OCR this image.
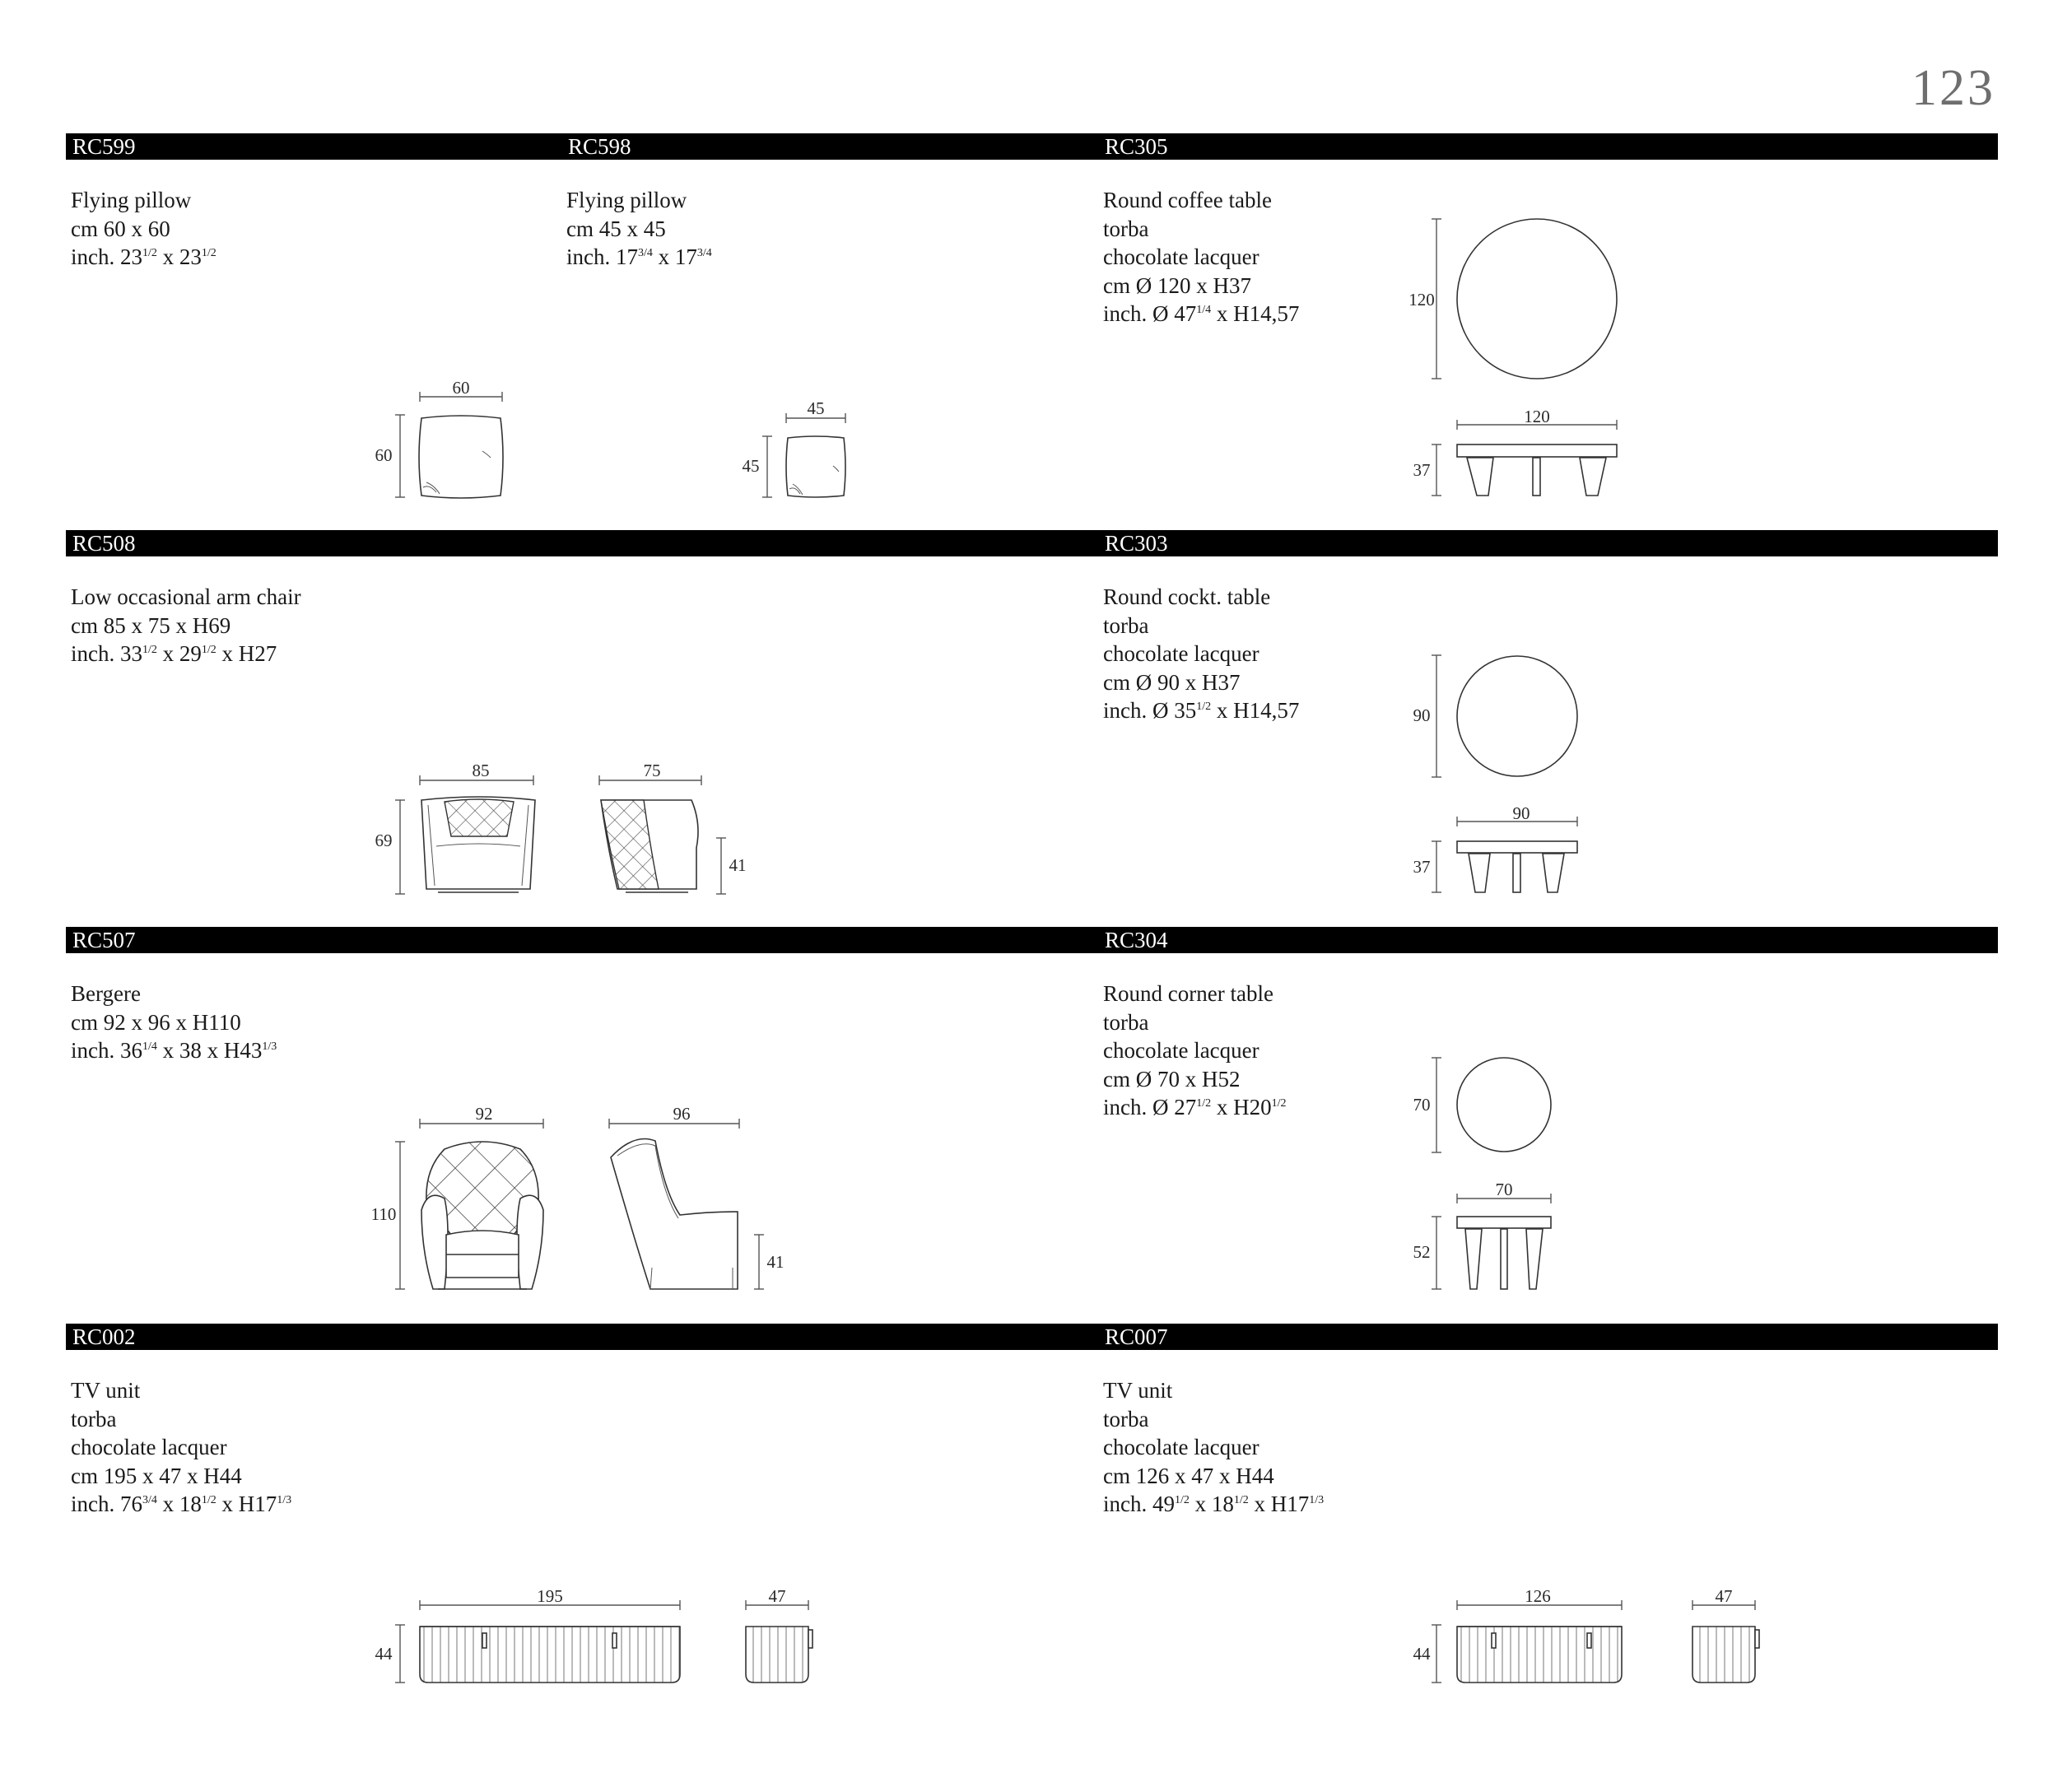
123
RC599	RC598	RC305
RC508	RC303
RC507	RC304
RC002	RC007
Flying pillow
cm 60 x 60
inch. $23^{1/2}$ x $23^{1/2}$
Flying pillow
cm 45 x 45
inch. $17^{3/4}$ x $17^{3/4}$
Round coffee table
torba
chocolate lacquer
cm Ø 120 x H37
inch. Ø $47^{1/4}$ x H14,57
Low occasional arm chair
cm 85 x 75 x H69
inch. $33^{1/2}$ x $29^{1/2}$ x H27
Round cockt. table
torba
chocolate lacquer
cm Ø 90 x H37
inch. Ø $35^{1/2}$ x H14,57
Bergere
cm 92 x 96 x H110
inch. $36^{1/4}$ x 38 x $H43^{1/3}$
Round corner table
torba
chocolate lacquer
cm Ø 70 x H52
inch. Ø $27^{1/2}$ x $H20^{1/2}$
TV unit
torba
chocolate lacquer
cm 195 x 47 x H44
inch. $76^{3/4}$ x $18^{1/2}$ x $H17^{1/3}$
TV unit
torba
chocolate lacquer
cm 126 x 47 x H44
inch. $49^{1/2}$ x $18^{1/2}$ x $H17^{1/3}$
60
60
45
45
120
120
37
85
69
75
41
90
90
37
92
110
96
41
70
70
52
195
44
47	126
44
47
